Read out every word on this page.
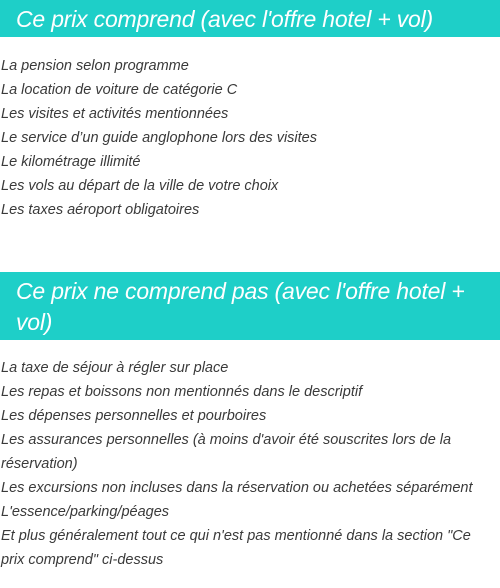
Ce prix comprend (avec l'offre hotel + vol)
La pension selon programme
La location de voiture de catégorie C
Les visites et activités mentionnées
Le service d’un guide anglophone lors des visites
Le kilométrage illimité
Les vols au départ de la ville de votre choix
Les taxes aéroport obligatoires
Ce prix ne comprend pas (avec l'offre hotel + vol)
La taxe de séjour à régler sur place
Les repas et boissons non mentionnés dans le descriptif
Les dépenses personnelles et pourboires
Les assurances personnelles (à moins d'avoir été souscrites lors de la réservation)
Les excursions non incluses dans la réservation ou achetées séparément
L'essence/parking/péages
Et plus généralement tout ce qui n'est pas mentionné dans la section "Ce prix comprend" ci-dessus
